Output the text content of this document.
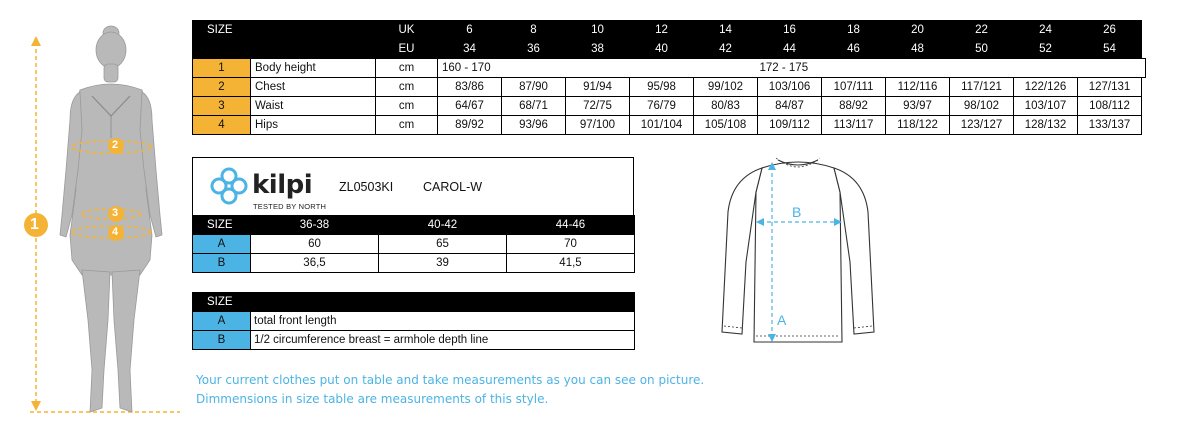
1
2
3
4
SIZE		UK	6	8	10	12	14	16	18	20	22	24	26	
		EU	34	36	38	40	42	44	46	48	50	52	54	
1	Body height	cm	160 - 170					172 - 175						
2	Chest	cm	83/86	87/90	91/94	95/98	99/102	103/106	107/111	112/116	117/121	122/126	127/131	
3	Waist	cm	64/67	68/71	72/75	76/79	80/83	84/87	88/92	93/97	98/102	103/107	108/112	
4	Hips	cm	89/92	93/96	97/100	101/104	105/108	109/112	113/117	118/122	123/127	128/132	133/137	
kilpi
TESTED BY NORTH
ZL0503KI CAROL-W
SIZE	36-38	40-42	44-46
A	60	65	70
B	36,5	39	41,5
SIZE	
A	total front length
B	1/2 circumference breast = armhole depth line
B
A
Your current clothes put on table and take measurements as you can see on picture.
Dimmensions in size table are measurements of this style.
